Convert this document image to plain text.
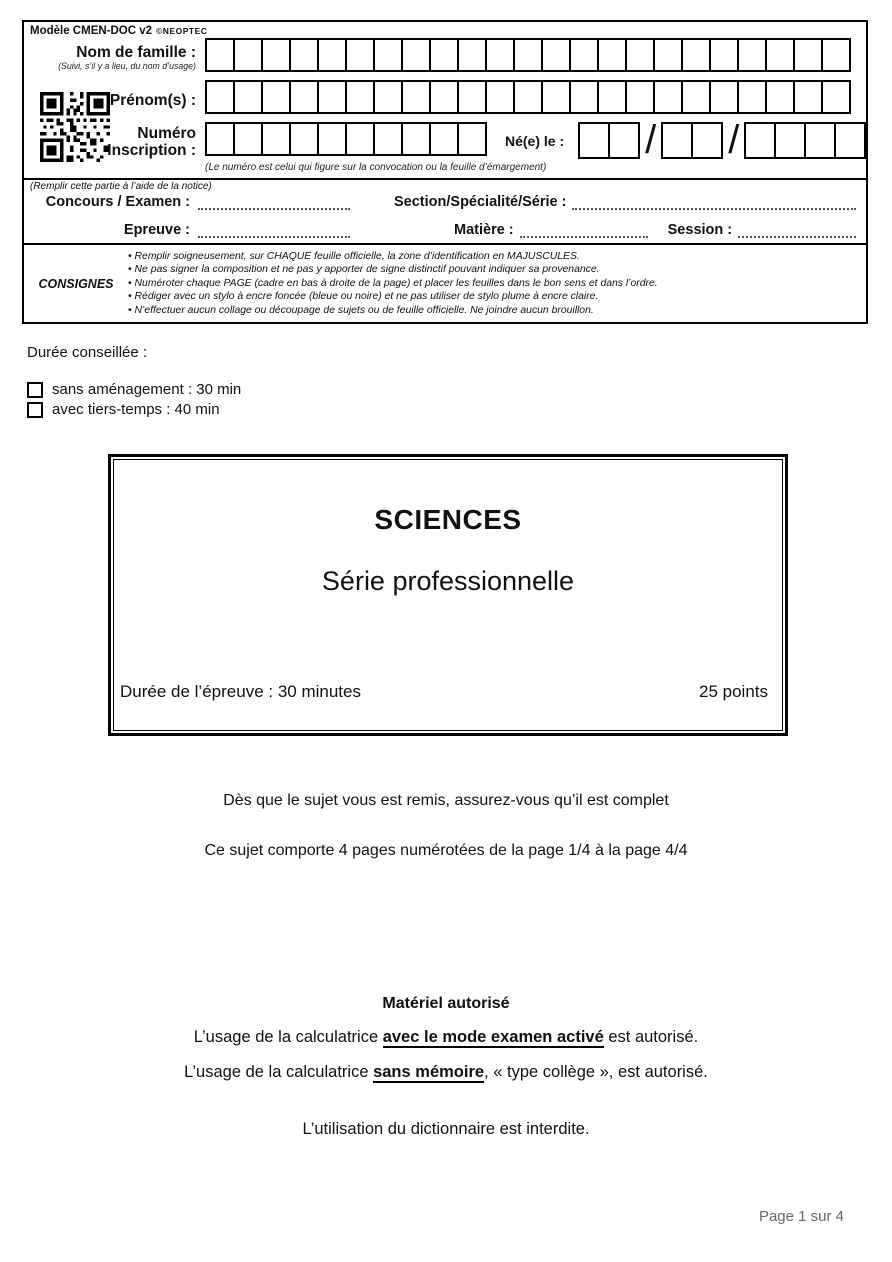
Modèle CMEN-DOC v2 ©NEOPTEC
Nom de famille :
(Suivi, s’il y a lieu, du nom d’usage)
Prénom(s) :
Numéro
Inscription :
Né(e) le : / /
(Le numéro est celui qui figure sur la convocation ou la feuille d’émargement)
(Remplir cette partie à l’aide de la notice)
Concours / Examen :	Section/Spécialité/Série :
Epreuve :	Matière :	Session :
CONSIGNES
• Remplir soigneusement, sur CHAQUE feuille officielle, la zone d’identification en MAJUSCULES.
• Ne pas signer la composition et ne pas y apporter de signe distinctif pouvant indiquer sa provenance.
• Numéroter chaque PAGE (cadre en bas à droite de la page) et placer les feuilles dans le bon sens et dans l’ordre.
• Rédiger avec un stylo à encre foncée (bleue ou noire) et ne pas utiliser de stylo plume à encre claire.
• N’effectuer aucun collage ou découpage de sujets ou de feuille officielle. Ne joindre aucun brouillon.
Durée conseillée :
sans aménagement : 30 min
avec tiers-temps : 40 min
SCIENCES
Série professionnelle
Durée de l’épreuve : 30 minutes	25 points
Dès que le sujet vous est remis, assurez-vous qu’il est complet
Ce sujet comporte 4 pages numérotées de la page 1/4 à la page 4/4
Matériel autorisé
L’usage de la calculatrice avec le mode examen activé est autorisé.
L’usage de la calculatrice sans mémoire, « type collège », est autorisé.
L’utilisation du dictionnaire est interdite.
Page 1 sur 4
